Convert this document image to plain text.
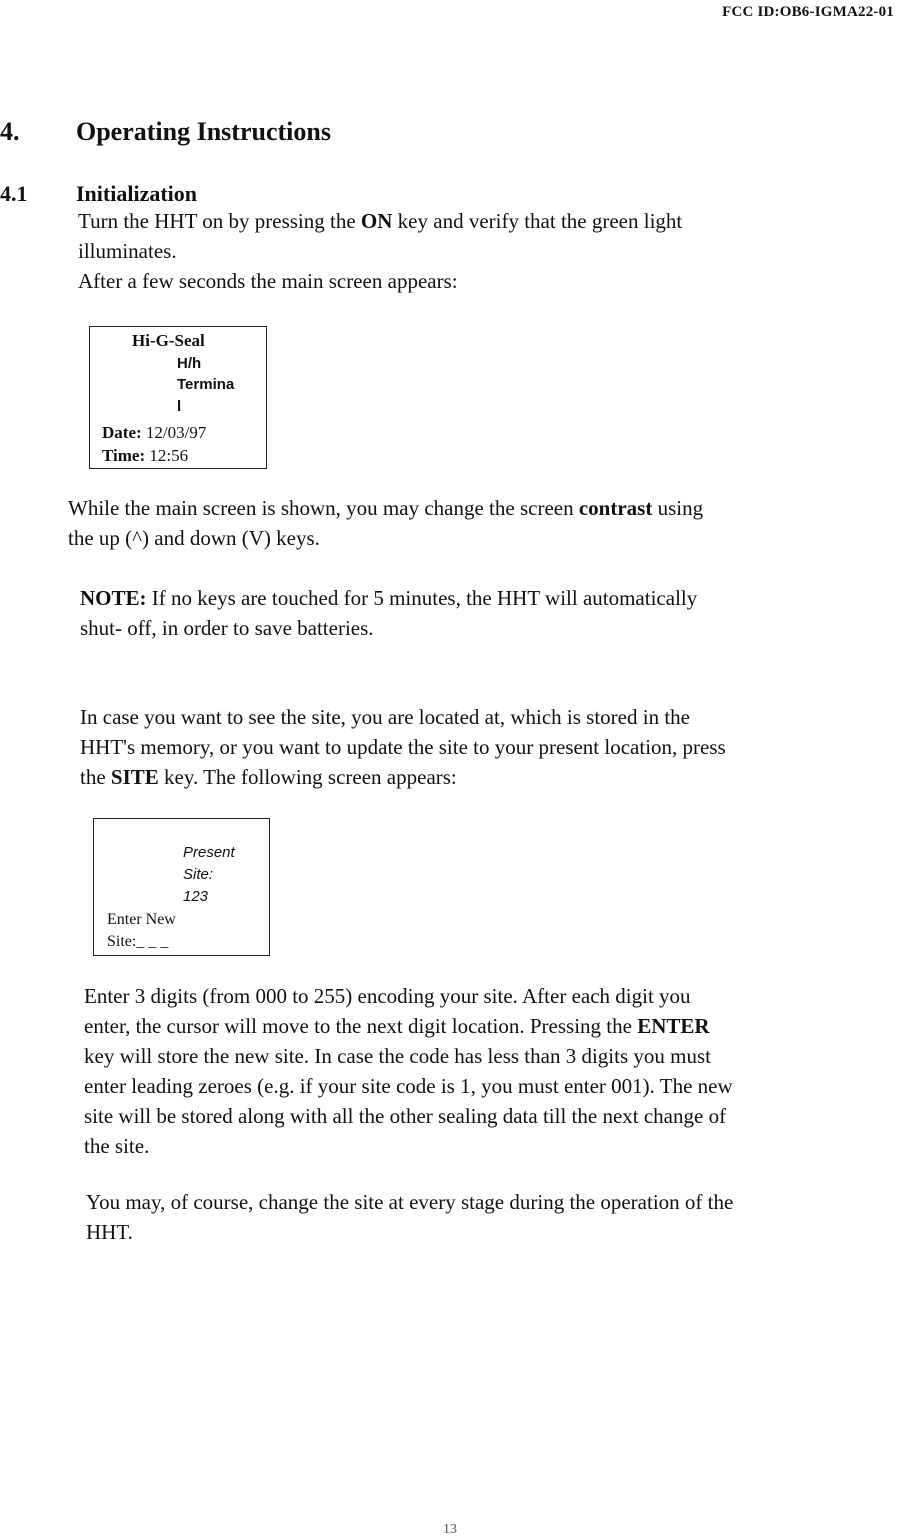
FCC ID:OB6-IGMA22-01
4. Operating Instructions
4.1 Initialization
Turn the HHT on by pressing the ON key and verify that the green light
illuminates.
After a few seconds the main screen appears:
Hi-G-Seal
H/h
Termina
l
Date: 12/03/97
Time: 12:56
While the main screen is shown, you may change the screen contrast using
the up (^) and down (V) keys.
NOTE: If no keys are touched for 5 minutes, the HHT will automatically
shut- off, in order to save batteries.
In case you want to see the site, you are located at, which is stored in the
HHT's memory, or you want to update the site to your present location, press
the SITE key. The following screen appears:
Present
Site:
123
Enter New
Site:_ _ _
Enter 3 digits (from 000 to 255) encoding your site. After each digit you
enter, the cursor will move to the next digit location. Pressing the ENTER
key will store the new site. In case the code has less than 3 digits you must
enter leading zeroes (e.g. if your site code is 1, you must enter 001). The new
site will be stored along with all the other sealing data till the next change of
the site.
You may, of course, change the site at every stage during the operation of the
HHT.
13
